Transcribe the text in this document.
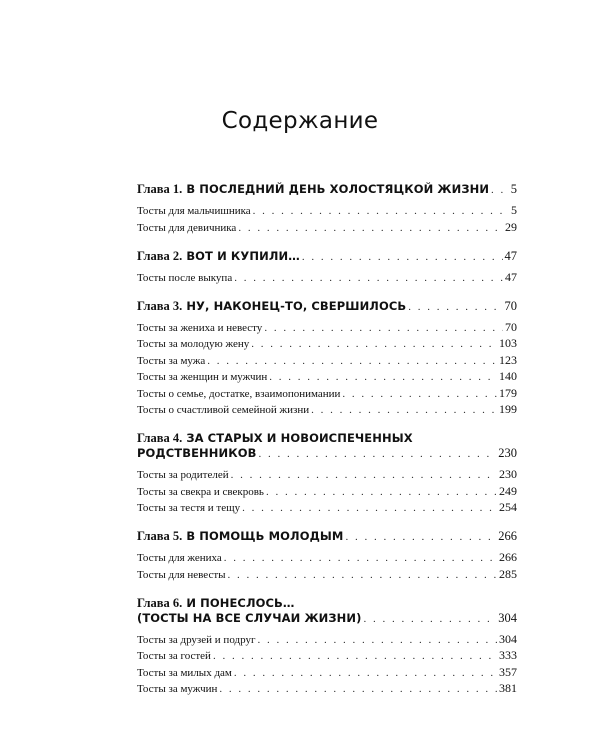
Содержание
Глава 1. В ПОСЛЕДНИЙ ДЕНЬ ХОЛОСТЯЦКОЙ ЖИЗНИ . . . 5
Тосты для мальчишника . . .	5
Тосты для девичника . . .	29
Глава 2. ВОТ И КУПИЛИ… . . .	47
Тосты после выкупа . . .	47
Глава 3. НУ, НАКОНЕЦ-ТО, СВЕРШИЛОСЬ . . .	70
Тосты за жениха и невесту . . .	70
Тосты за молодую жену . . .	103
Тосты за мужа . . .	123
Тосты за женщин и мужчин . . .	140
Тосты о семье, достатке, взаимопонимании . . .	179
Тосты о счастливой семейной жизни . . .	199
Глава 4. ЗА СТАРЫХ И НОВОИСПЕЧЕННЫХ
РОДСТВЕННИКОВ . . .	230
Тосты за родителей . . .	230
Тосты за свекра и свекровь . . .	249
Тосты за тестя и тещу . . .	254
Глава 5. В ПОМОЩЬ МОЛОДЫМ . . .	266
Тосты для жениха . . .	266
Тосты для невесты . . .	285
Глава 6. И ПОНЕСЛОСЬ…
(ТОСТЫ НА ВСЕ СЛУЧАИ ЖИЗНИ) . . .	304
Тосты за друзей и подруг . . .	304
Тосты за гостей . . .	333
Тосты за милых дам . . .	357
Тосты за мужчин . . .	381
